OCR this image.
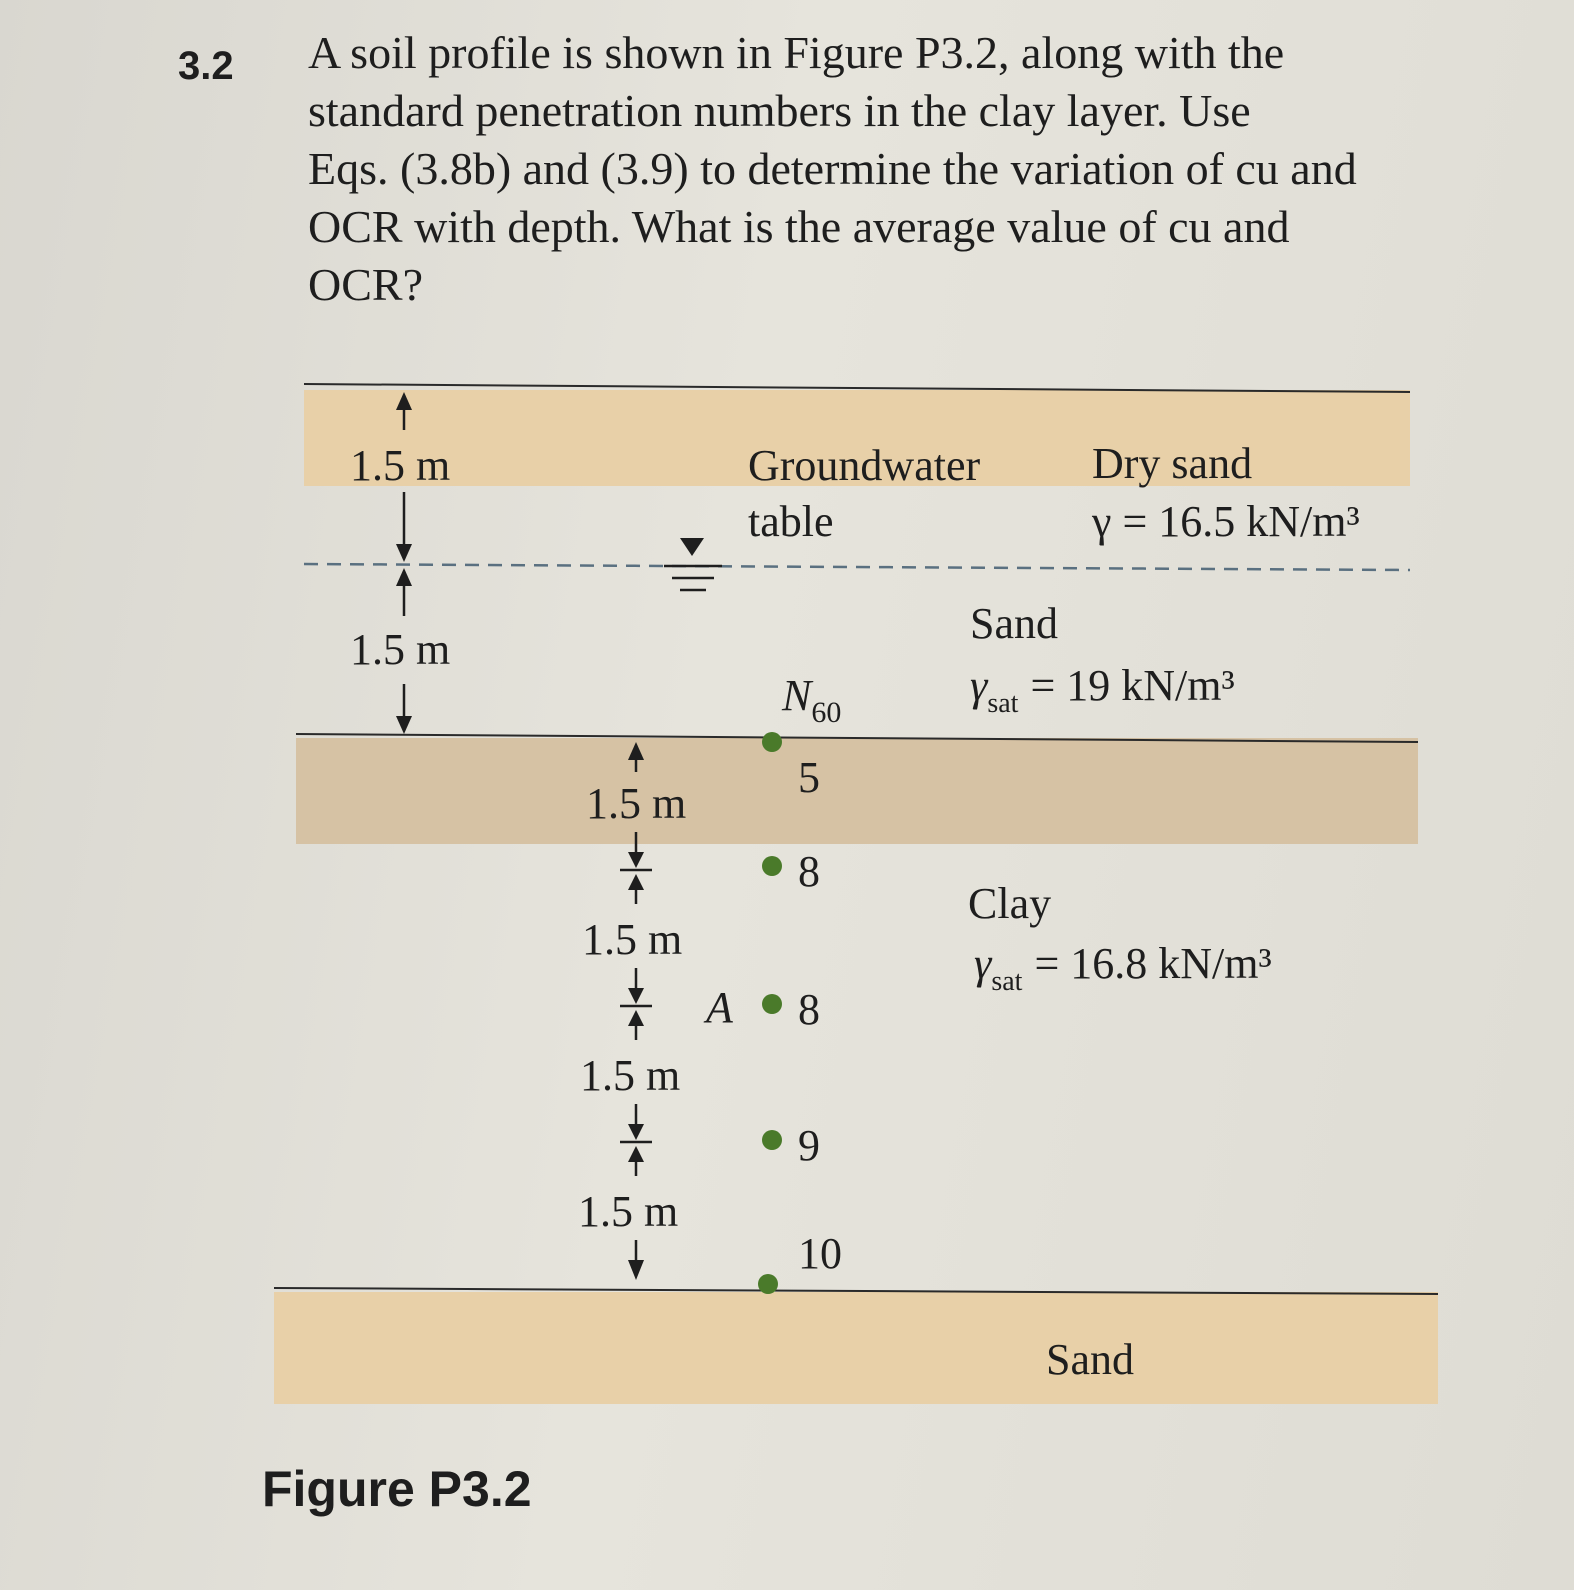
3.2 A soil profile is shown in Figure P3.2, along with the
standard penetration numbers in the clay layer. Use
Eqs. (3.8b) and (3.9) to determine the variation of cu and
OCR with depth. What is the average value of cu and
OCR?
1.5 m
1.5 m
Groundwater
table
Dry sand
γ = 16.5 kN/m³
Sand
$\gamma_{sat} = 19$ kN/m³
$N_{60}$
1.5 m
1.5 m
1.5 m
1.5 m
5
8
A 8
9
10
Clay
$\gamma_{sat} = 16.8$ kN/m³
Sand
Figure P3.2
